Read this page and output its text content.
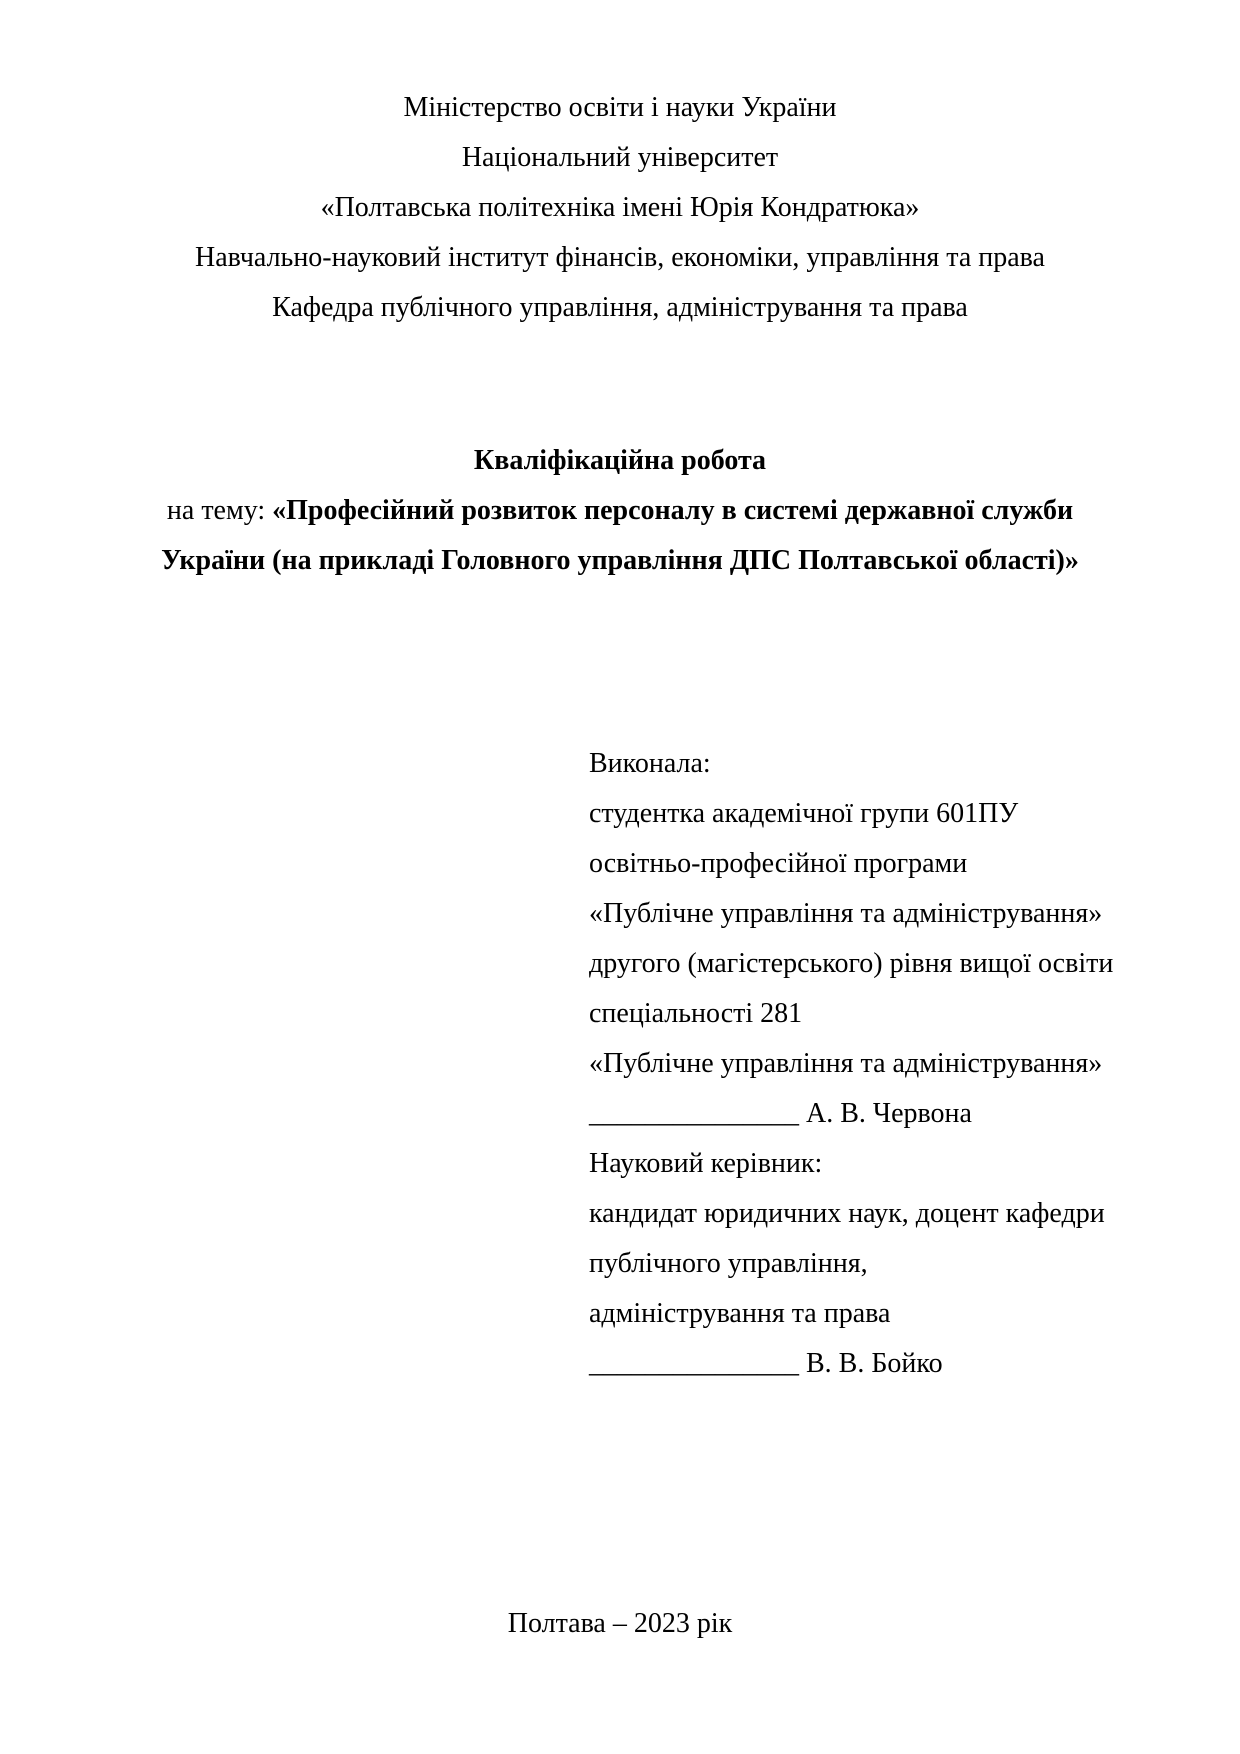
Міністерство освіти і науки України
Національний університет
«Полтавська політехніка імені Юрія Кондратюка»
Навчально-науковий інститут фінансів, економіки, управління та права
Кафедра публічного управління, адміністрування та права
Кваліфікаційна робота
на тему: «Професійний розвиток персоналу в системі державної служби
України (на прикладі Головного управління ДПС Полтавської області)»
Виконала:
студентка академічної групи 601ПУ
освітньо-професійної програми
«Публічне управління та адміністрування»
другого (магістерського) рівня вищої освіти
спеціальності 281
«Публічне управління та адміністрування»
_______________ А. В. Червона
Науковий керівник:
кандидат юридичних наук, доцент кафедри
публічного управління,
адміністрування та права
_______________ В. В. Бойко
Полтава – 2023 рік
